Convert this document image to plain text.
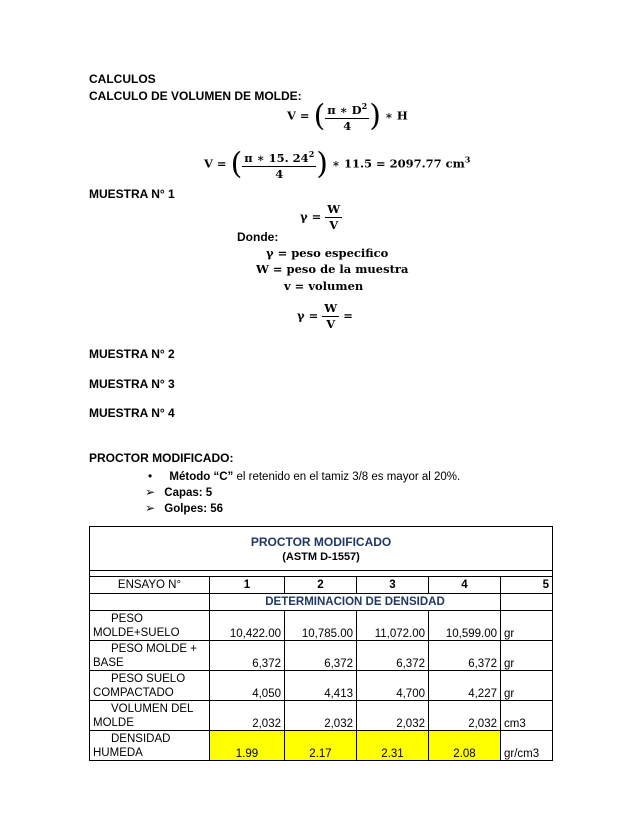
CALCULOS
CALCULO DE VOLUMEN DE MOLDE:
V = ( $\frac{\pi ∗ D^2}{4}$ ) ∗ H
V = ( $\frac{\pi ∗ 15. 24^2}{4}$ ) ∗ 11.5 = 2097.77 $cm^3$
MUESTRA N° 1
$\gamma = \frac{W}{V}$
Donde:
γ = peso especifico
W = peso de la muestra
v = volumen
$\gamma = \frac{W}{V}$ =
MUESTRA N° 2
MUESTRA N° 3
MUESTRA N° 4
PROCTOR MODIFICADO:
• Método “C” el retenido en el tamiz 3/8 es mayor al 20%.
➢ Capas: 5
➢ Golpes: 56
PROCTOR MODIFICADO
(ASTM D-1557)					

ENSAYO N°	1	2	3	4	5
	DETERMINACION DE DENSIDAD				

PESO
MOLDE+SUELO	10,422.00	10,785.00	11,072.00	10,599.00	gr

PESO MOLDE +
BASE	6,372	6,372	6,372	6,372	gr

PESO SUELO
COMPACTADO	4,050	4,413	4,700	4,227	gr

VOLUMEN DEL
MOLDE	2,032	2,032	2,032	2,032	cm3

DENSIDAD
HUMEDA	1.99	2.17	2.31	2.08	gr/cm3
